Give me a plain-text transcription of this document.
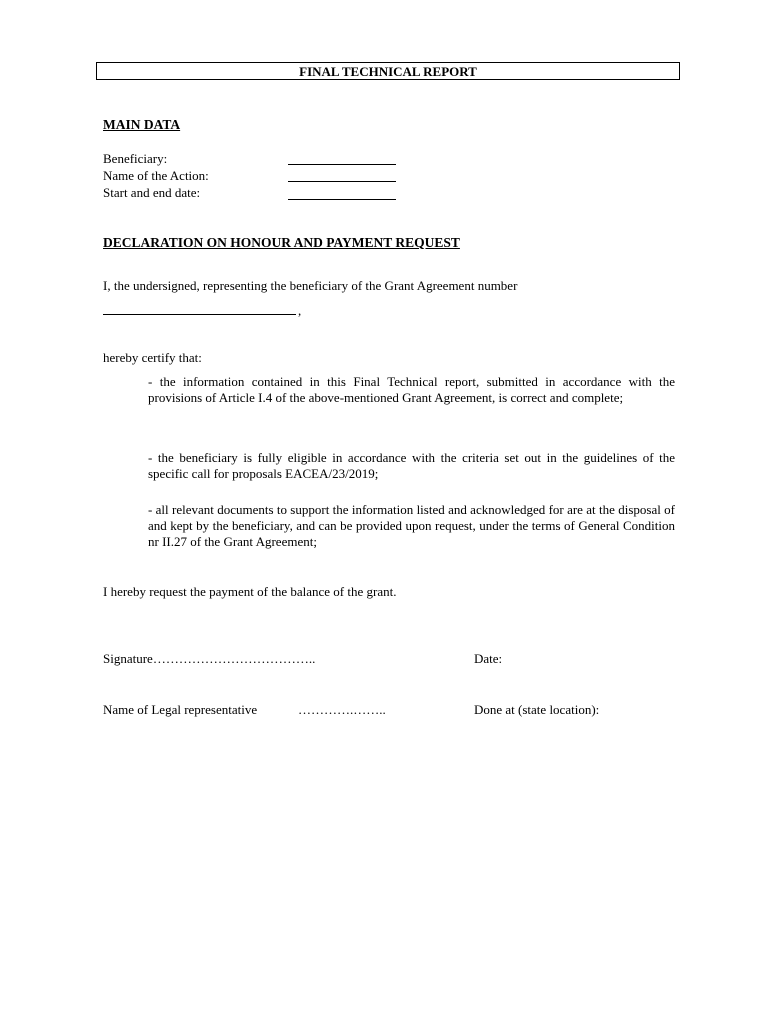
FINAL TECHNICAL REPORT
MAIN DATA
Beneficiary:
Name of the Action:
Start and end date:
DECLARATION ON HONOUR AND PAYMENT REQUEST
I, the undersigned, representing the beneficiary of the Grant Agreement number
,
hereby certify that:
- the information contained in this Final Technical report, submitted in accordance with the provisions of Article I.4 of the above-mentioned Grant Agreement, is correct and complete;
- the beneficiary is fully eligible in accordance with the criteria set out in the guidelines of the specific call for proposals EACEA/23/2019;
- all relevant documents to support the information listed and acknowledged for are at the disposal of and kept by the beneficiary, and can be provided upon request, under the terms of General Condition nr II.27 of the Grant Agreement;
I hereby request the payment of the balance of the grant.
Signature………………………………..	Date:
Name of Legal representative	………….……..	Done at (state location):
